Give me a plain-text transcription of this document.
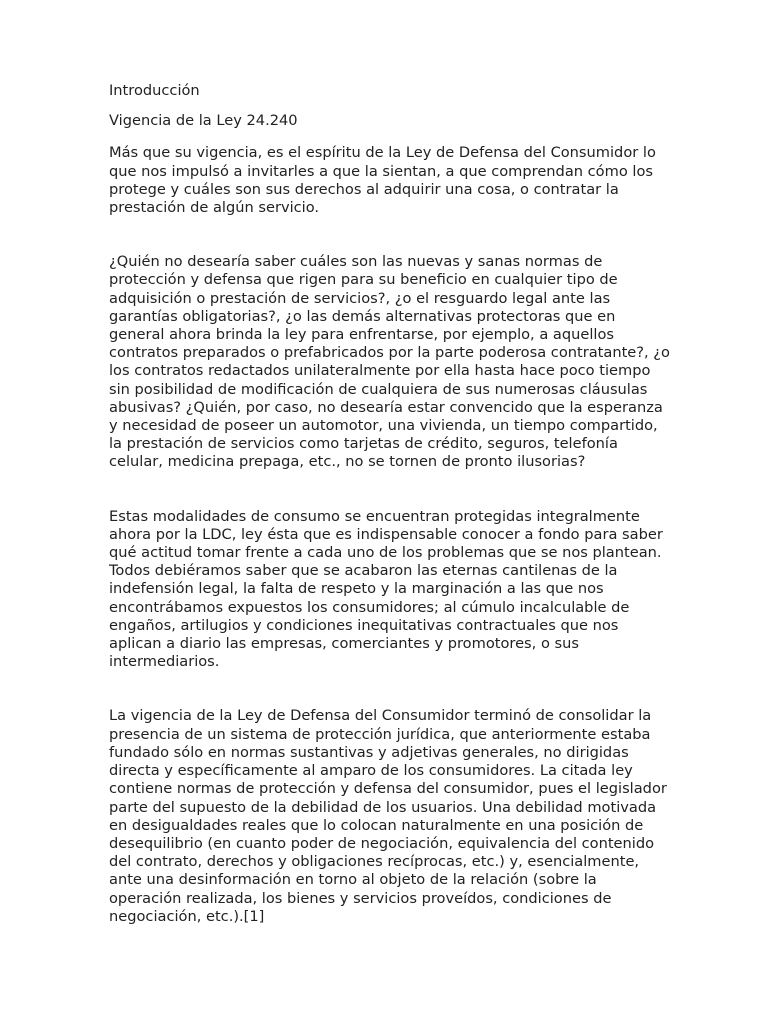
Introducción

Vigencia de la Ley 24.240

Más que su vigencia, es el espíritu de la Ley de Defensa del Consumidor lo
que nos impulsó a invitarles a que la sientan, a que comprendan cómo los
protege y cuáles son sus derechos al adquirir una cosa, o contratar la
prestación de algún servicio.

¿Quién no desearía saber cuáles son las nuevas y sanas normas de
protección y defensa que rigen para su beneficio en cualquier tipo de
adquisición o prestación de servicios?, ¿o el resguardo legal ante las
garantías obligatorias?, ¿o las demás alternativas protectoras que en
general ahora brinda la ley para enfrentarse, por ejemplo, a aquellos
contratos preparados o prefabricados por la parte poderosa contratante?, ¿o
los contratos redactados unilateralmente por ella hasta hace poco tiempo
sin posibilidad de modificación de cualquiera de sus numerosas cláusulas
abusivas? ¿Quién, por caso, no desearía estar convencido que la esperanza
y necesidad de poseer un automotor, una vivienda, un tiempo compartido,
la prestación de servicios como tarjetas de crédito, seguros, telefonía
celular, medicina prepaga, etc., no se tornen de pronto ilusorias?

Estas modalidades de consumo se encuentran protegidas integralmente
ahora por la LDC, ley ésta que es indispensable conocer a fondo para saber
qué actitud tomar frente a cada uno de los problemas que se nos plantean.
Todos debiéramos saber que se acabaron las eternas cantilenas de la
indefensión legal, la falta de respeto y la marginación a las que nos
encontrábamos expuestos los consumidores; al cúmulo incalculable de
engaños, artilugios y condiciones inequitativas contractuales que nos
aplican a diario las empresas, comerciantes y promotores, o sus
intermediarios.

La vigencia de la Ley de Defensa del Consumidor terminó de consolidar la
presencia de un sistema de protección jurídica, que anteriormente estaba
fundado sólo en normas sustantivas y adjetivas generales, no dirigidas
directa y específicamente al amparo de los consumidores. La citada ley
contiene normas de protección y defensa del consumidor, pues el legislador
parte del supuesto de la debilidad de los usuarios. Una debilidad motivada
en desigualdades reales que lo colocan naturalmente en una posición de
desequilibrio (en cuanto poder de negociación, equivalencia del contenido
del contrato, derechos y obligaciones recíprocas, etc.) y, esencialmente,
ante una desinformación en torno al objeto de la relación (sobre la
operación realizada, los bienes y servicios proveídos, condiciones de
negociación, etc.).[1]
